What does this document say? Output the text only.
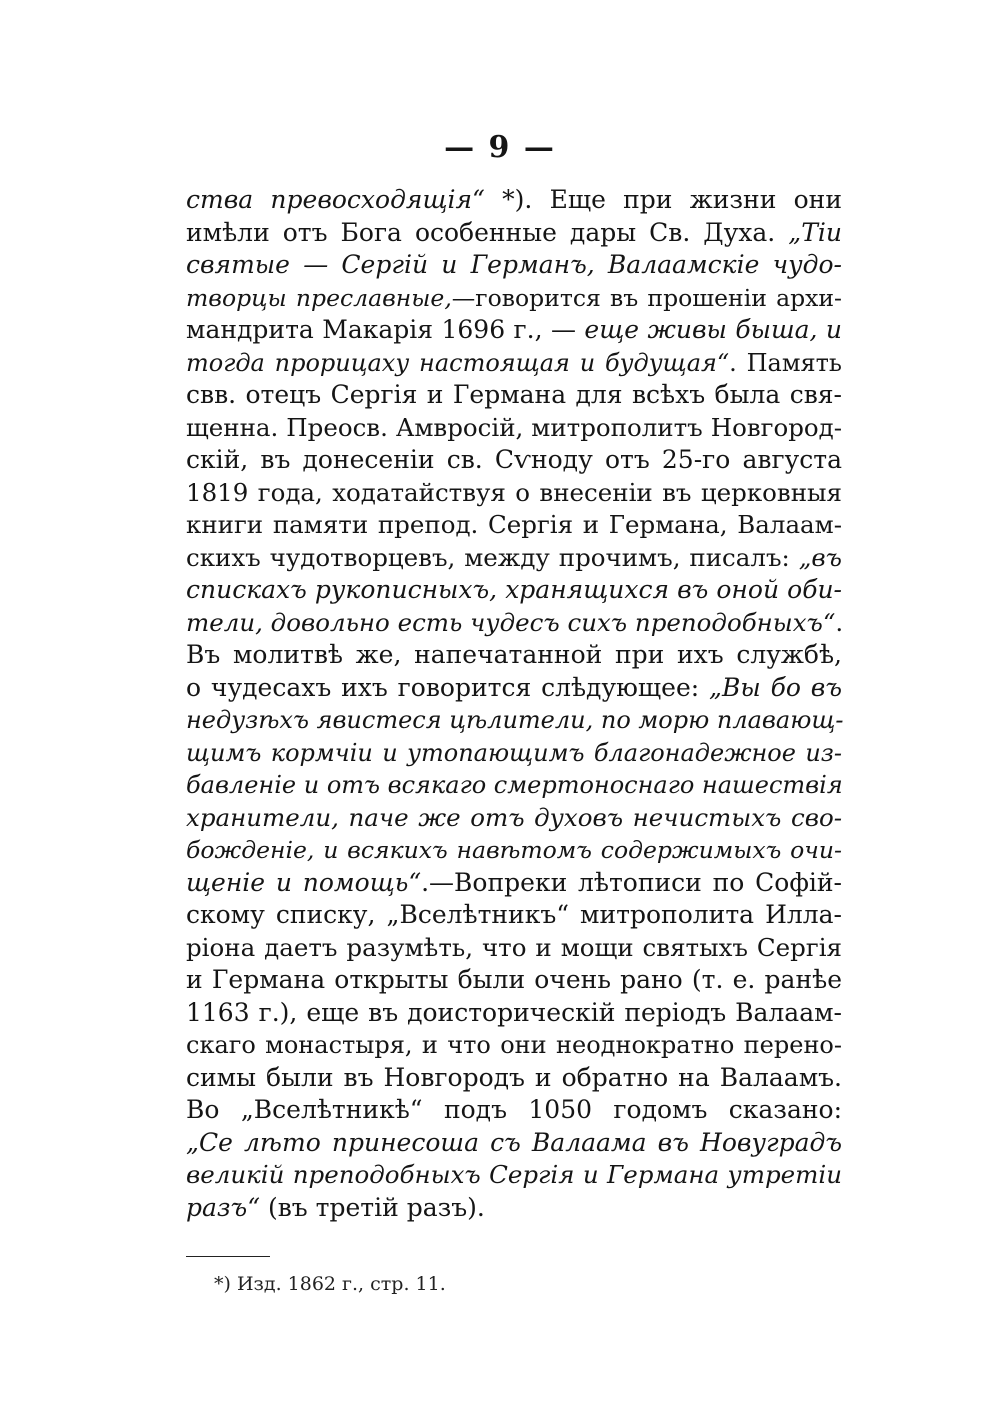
— 9 —
ства превосходящія“ *). Еще при жизни они
имѣли отъ Бога особенные дары Св. Духа. „Тіи
святые — Сергій и Германъ, Валаамскіе чудо-
творцы преславные,—говорится въ прошеніи архи-
мандрита Макарія 1696 г., — еще живы быша, и
тогда прорицаху настоящая и будущая“. Память
свв. отецъ Сергія и Германа для всѣхъ была свя-
щенна. Преосв. Амвросій, митрополитъ Новгород-
скій, въ донесеніи св. Сѵноду отъ 25-го августа
1819 года, ходатайствуя о внесеніи въ церковныя
книги памяти препод. Сергія и Германа, Валаам-
скихъ чудотворцевъ, между прочимъ, писалъ: „въ
спискахъ рукописныхъ, хранящихся въ оной оби-
тели, довольно есть чудесъ сихъ преподобныхъ“.
Въ молитвѣ же, напечатанной при ихъ службѣ,
о чудесахъ ихъ говорится слѣдующее: „Вы бо въ
недузѣхъ явистеся цѣлители, по морю плавающ-
щимъ кормчіи и утопающимъ благонадежное из-
бавленіе и отъ всякаго смертоноснаго нашествія
хранители, паче же отъ духовъ нечистыхъ сво-
божденіе, и всякихъ навѣтомъ содержимыхъ очи-
щеніе и помощь“.—Вопреки лѣтописи по Софій-
скому списку, „Вселѣтникъ“ митрополита Илла-
ріона даетъ разумѣть, что и мощи святыхъ Сергія
и Германа открыты были очень рано (т. е. ранѣе
1163 г.), еще въ доисторическій періодъ Валаам-
скаго монастыря, и что они неоднократно перено-
симы были въ Новгородъ и обратно на Валаамъ.
Во „Вселѣтникѣ“ подъ 1050 годомъ сказано:
„Се лѣто принесоша съ Валаама въ Новуградъ
великій преподобныхъ Сергія и Германа утретіи
разъ“ (въ третій разъ).
*) Изд. 1862 г., стр. 11.
